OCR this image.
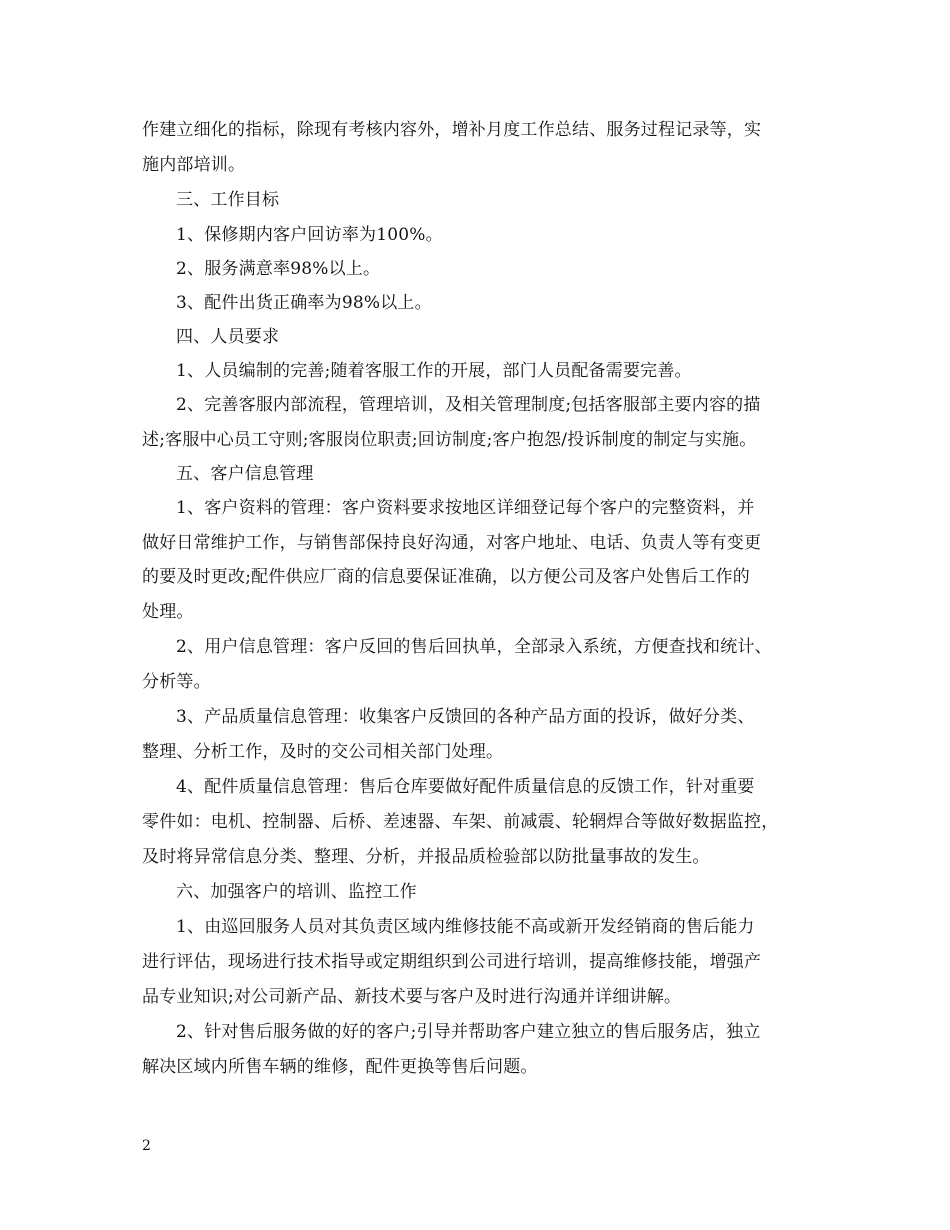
作建立细化的指标，除现有考核内容外，增补月度工作总结、服务过程记录等，实
施内部培训。
三、工作目标
1、保修期内客户回访率为100%。
2、服务满意率98%以上。
3、配件出货正确率为98%以上。
四、人员要求
1、人员编制的完善;随着客服工作的开展，部门人员配备需要完善。
2、完善客服内部流程，管理培训，及相关管理制度;包括客服部主要内容的描
述;客服中心员工守则;客服岗位职责;回访制度;客户抱怨/投诉制度的制定与实施。
五、客户信息管理
1、客户资料的管理：客户资料要求按地区详细登记每个客户的完整资料，并
做好日常维护工作，与销售部保持良好沟通，对客户地址、电话、负责人等有变更
的要及时更改;配件供应厂商的信息要保证准确，以方便公司及客户处售后工作的
处理。
2、用户信息管理：客户反回的售后回执单，全部录入系统，方便查找和统计、
分析等。
3、产品质量信息管理：收集客户反馈回的各种产品方面的投诉，做好分类、
整理、分析工作，及时的交公司相关部门处理。
4、配件质量信息管理：售后仓库要做好配件质量信息的反馈工作，针对重要
零件如：电机、控制器、后桥、差速器、车架、前减震、轮辋焊合等做好数据监控，
及时将异常信息分类、整理、分析，并报品质检验部以防批量事故的发生。
六、加强客户的培训、监控工作
1、由巡回服务人员对其负责区域内维修技能不高或新开发经销商的售后能力
进行评估，现场进行技术指导或定期组织到公司进行培训，提高维修技能，增强产
品专业知识;对公司新产品、新技术要与客户及时进行沟通并详细讲解。
2、针对售后服务做的好的客户;引导并帮助客户建立独立的售后服务店，独立
解决区域内所售车辆的维修，配件更换等售后问题。
2
